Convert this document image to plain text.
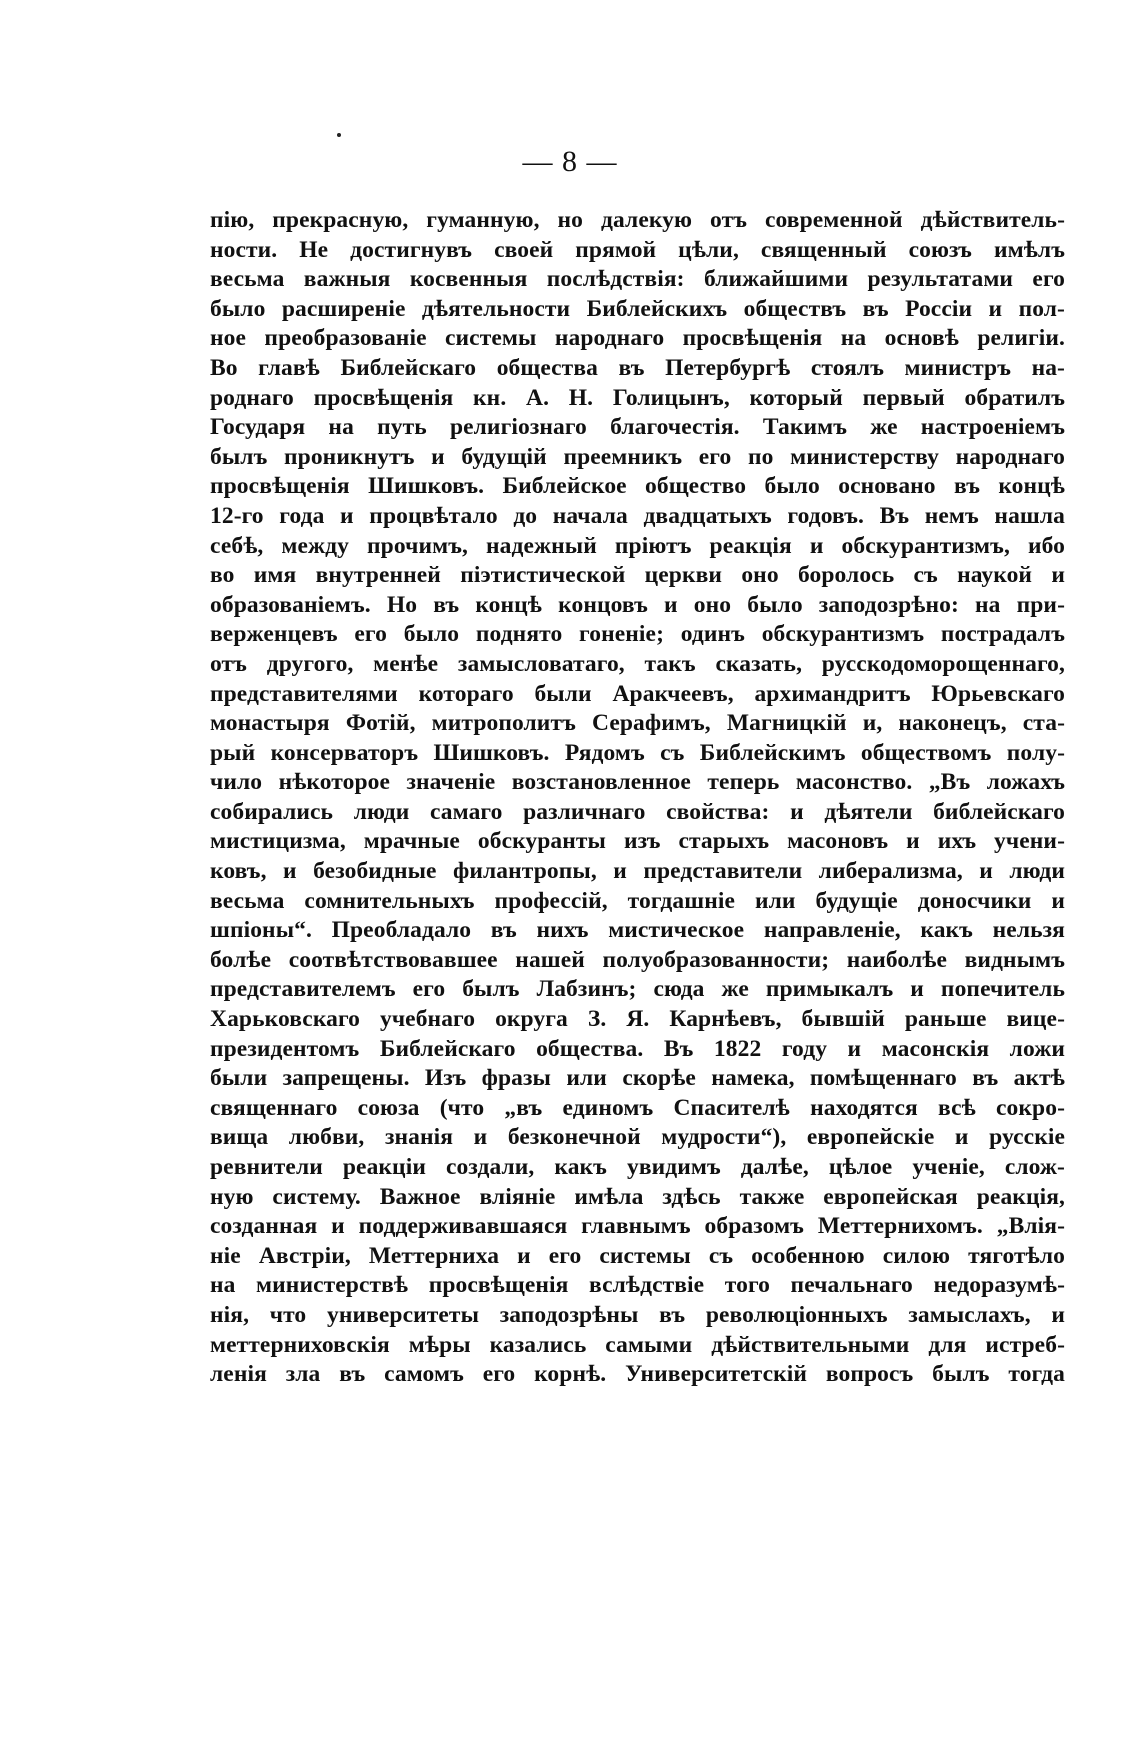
— 8 —
пію, прекрасную, гуманную, но далекую отъ современной дѣйствитель-
ности. Не достигнувъ своей прямой цѣли, священный союзъ имѣлъ
весьма важныя косвенныя послѣдствія: ближайшими результатами его
было расширеніе дѣятельности Библейскихъ обществъ въ Россіи и пол-
ное преобразованіе системы народнаго просвѣщенія на основѣ религіи.
Во главѣ Библейскаго общества въ Петербургѣ стоялъ министръ на-
роднаго просвѣщенія кн. А. Н. Голицынъ, который первый обратилъ
Государя на путь религіознаго благочестія. Такимъ же настроеніемъ
былъ проникнутъ и будущій преемникъ его по министерству народнаго
просвѣщенія Шишковъ. Библейское общество было основано въ концѣ
12-го года и процвѣтало до начала двадцатыхъ годовъ. Въ немъ нашла
себѣ, между прочимъ, надежный пріютъ реакція и обскурантизмъ, ибо
во имя внутренней піэтистической церкви оно боролось съ наукой и
образованіемъ. Но въ концѣ концовъ и оно было заподозрѣно: на при-
верженцевъ его было поднято гоненіе; одинъ обскурантизмъ пострадалъ
отъ другого, менѣе замысловатаго, такъ сказать, русскодоморощеннаго,
представителями котораго были Аракчеевъ, архимандритъ Юрьевскаго
монастыря Фотій, митрополитъ Серафимъ, Магницкій и, наконецъ, ста-
рый консерваторъ Шишковъ. Рядомъ съ Библейскимъ обществомъ полу-
чило нѣкоторое значеніе возстановленное теперь масонство. „Въ ложахъ
собирались люди самаго различнаго свойства: и дѣятели библейскаго
мистицизма, мрачные обскуранты изъ старыхъ масоновъ и ихъ учени-
ковъ, и безобидные филантропы, и представители либерализма, и люди
весьма сомнительныхъ профессій, тогдашніе или будущіе доносчики и
шпіоны“. Преобладало въ нихъ мистическое направленіе, какъ нельзя
болѣе соотвѣтствовавшее нашей полуобразованности; наиболѣе виднымъ
представителемъ его былъ Лабзинъ; сюда же примыкалъ и попечитель
Харьковскаго учебнаго округа З. Я. Карнѣевъ, бывшій раньше вице-
президентомъ Библейскаго общества. Въ 1822 году и масонскія ложи
были запрещены. Изъ фразы или скорѣе намека, помѣщеннаго въ актѣ
священнаго союза (что „въ единомъ Спасителѣ находятся всѣ сокро-
вища любви, знанія и безконечной мудрости“), европейскіе и русскіе
ревнители реакціи создали, какъ увидимъ далѣе, цѣлое ученіе, слож-
ную систему. Важное вліяніе имѣла здѣсь также европейская реакція,
созданная и поддерживавшаяся главнымъ образомъ Меттернихомъ. „Влія-
ніе Австріи, Меттерниха и его системы съ особенною силою тяготѣло
на министерствѣ просвѣщенія вслѣдствіе того печальнаго недоразумѣ-
нія, что университеты заподозрѣны въ революціонныхъ замыслахъ, и
меттерниховскія мѣры казались самыми дѣйствительными для истреб-
ленія зла въ самомъ его корнѣ. Университетскій вопросъ былъ тогда
